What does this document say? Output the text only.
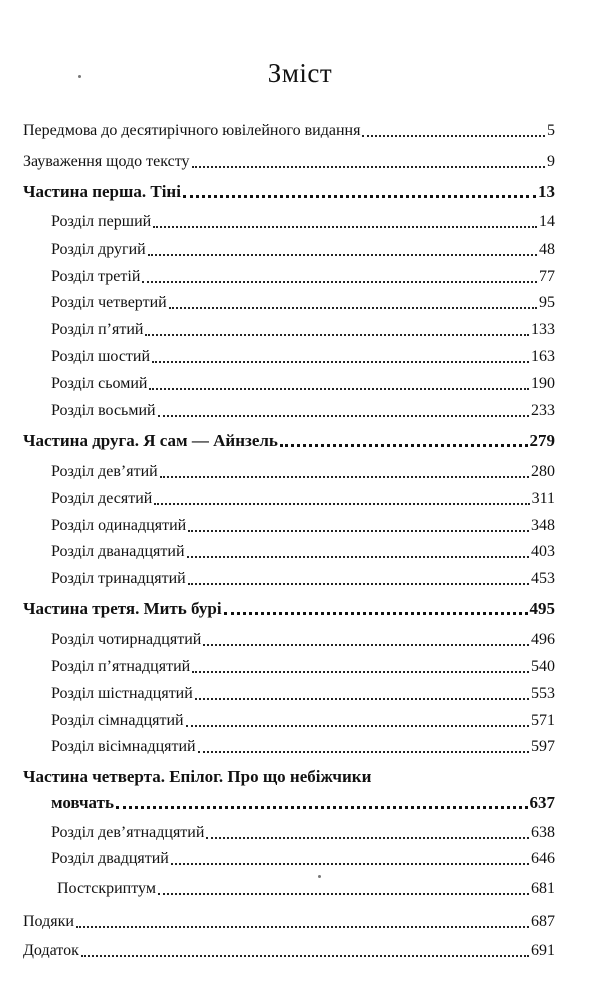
Зміст
Передмова до десятирічного ювілейного видання	5
Зауваження щодо тексту	9
Частина перша. Тіні	13
Розділ перший	14
Розділ другий	48
Розділ третій	77
Розділ четвертий	95
Розділ п’ятий	133
Розділ шостий	163
Розділ сьомий	190
Розділ восьмий	233
Частина друга. Я сам — Айнзель	279
Розділ дев’ятий	280
Розділ десятий	311
Розділ одинадцятий	348
Розділ дванадцятий	403
Розділ тринадцятий	453
Частина третя. Мить бурі	495
Розділ чотирнадцятий	496
Розділ п’ятнадцятий	540
Розділ шістнадцятий	553
Розділ сімнадцятий	571
Розділ вісімнадцятий	597
Частина четверта. Епілог. Про що небіжчики
мовчать	637
Розділ дев’ятнадцятий	638
Розділ двадцятий	646
Постскриптум	681
Подяки	687
Додаток	691
